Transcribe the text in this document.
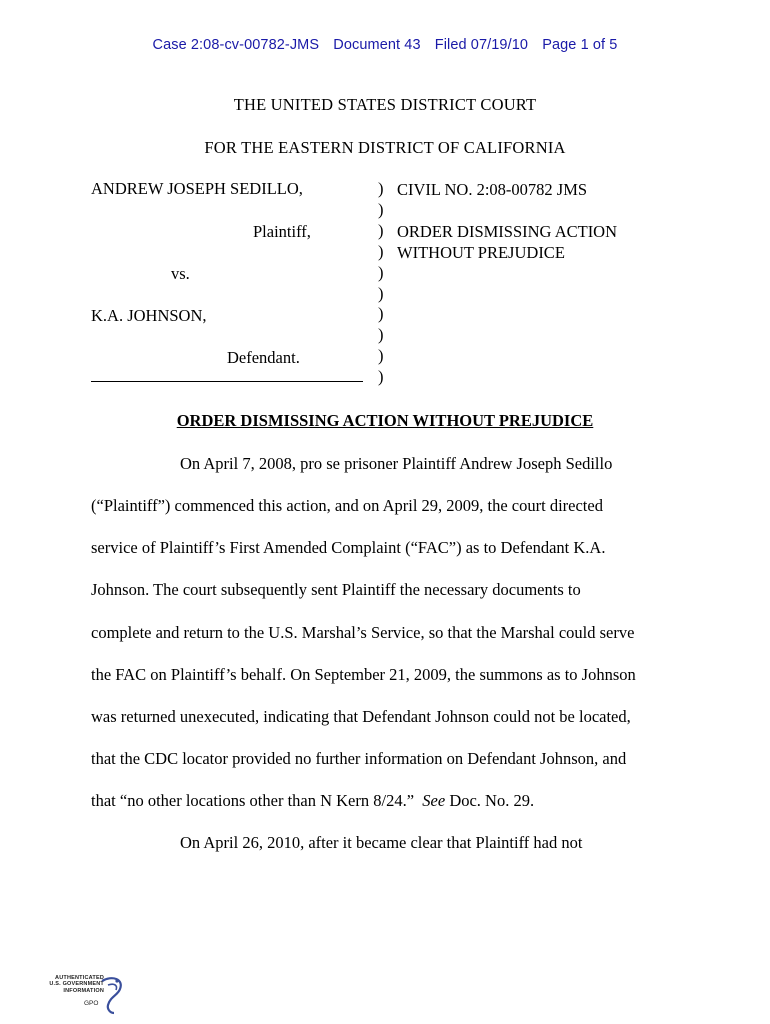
Case 2:08-cv-00782-JMS Document 43 Filed 07/19/10 Page 1 of 5
THE UNITED STATES DISTRICT COURT
FOR THE EASTERN DISTRICT OF CALIFORNIA
ANDREW JOSEPH SEDILLO,
Plaintiff,
vs.
K.A. JOHNSON,
Defendant.
)
)
)
)
)
)
)
)
)
)
CIVIL NO. 2:08-00782 JMS
ORDER DISMISSING ACTION
WITHOUT PREJUDICE
ORDER DISMISSING ACTION WITHOUT PREJUDICE
On April 7, 2008, pro se prisoner Plaintiff Andrew Joseph Sedillo
(“Plaintiff”) commenced this action, and on April 29, 2009, the court directed
service of Plaintiff’s First Amended Complaint (“FAC”) as to Defendant K.A.
Johnson. The court subsequently sent Plaintiff the necessary documents to
complete and return to the U.S. Marshal’s Service, so that the Marshal could serve
the FAC on Plaintiff’s behalf. On September 21, 2009, the summons as to Johnson
was returned unexecuted, indicating that Defendant Johnson could not be located,
that the CDC locator provided no further information on Defendant Johnson, and
that “no other locations other than N Kern 8/24.”  See Doc. No. 29.
On April 26, 2010, after it became clear that Plaintiff had not
AUTHENTICATED
U.S. GOVERNMENT
INFORMATION
GPO
